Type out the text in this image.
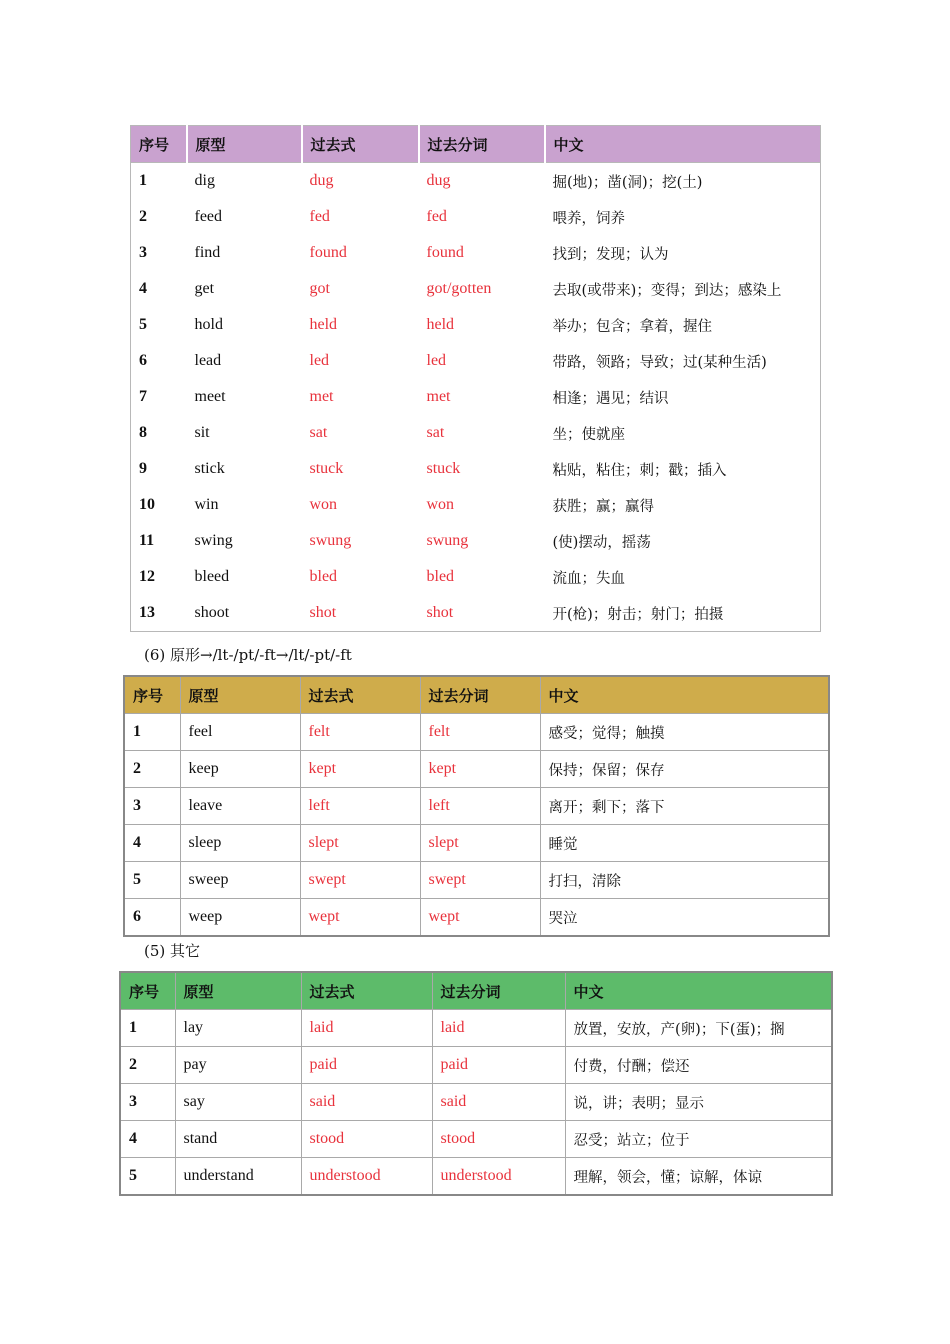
序号	原型	过去式	过去分词	中文
1	dig	dug	dug	掘(地)；凿(洞)；挖(土)
2	feed	fed	fed	喂养，饲养
3	find	found	found	找到；发现；认为
4	get	got	got/gotten	去取(或带来)；变得；到达；感染上
5	hold	held	held	举办；包含；拿着，握住
6	lead	led	led	带路，领路；导致；过(某种生活)
7	meet	met	met	相逢；遇见；结识
8	sit	sat	sat	坐；使就座
9	stick	stuck	stuck	粘贴，粘住；刺；戳；插入
10	win	won	won	获胜；赢；赢得
11	swing	swung	swung	(使)摆动，摇荡
12	bleed	bled	bled	流血；失血
13	shoot	shot	shot	开(枪)；射击；射门；拍摄
(6) 原形→/lt-/pt/-ft→/lt/-pt/-ft
序号	原型	过去式	过去分词	中文
1	feel	felt	felt	感受；觉得；触摸
2	keep	kept	kept	保持；保留；保存
3	leave	left	left	离开；剩下；落下
4	sleep	slept	slept	睡觉
5	sweep	swept	swept	打扫，清除
6	weep	wept	wept	哭泣
(5) 其它
序号	原型	过去式	过去分词	中文
1	lay	laid	laid	放置，安放，产(卵)；下(蛋)；搁
2	pay	paid	paid	付费，付酬；偿还
3	say	said	said	说，讲；表明；显示
4	stand	stood	stood	忍受；站立；位于
5	understand	understood	understood	理解，领会，懂；谅解，体谅
